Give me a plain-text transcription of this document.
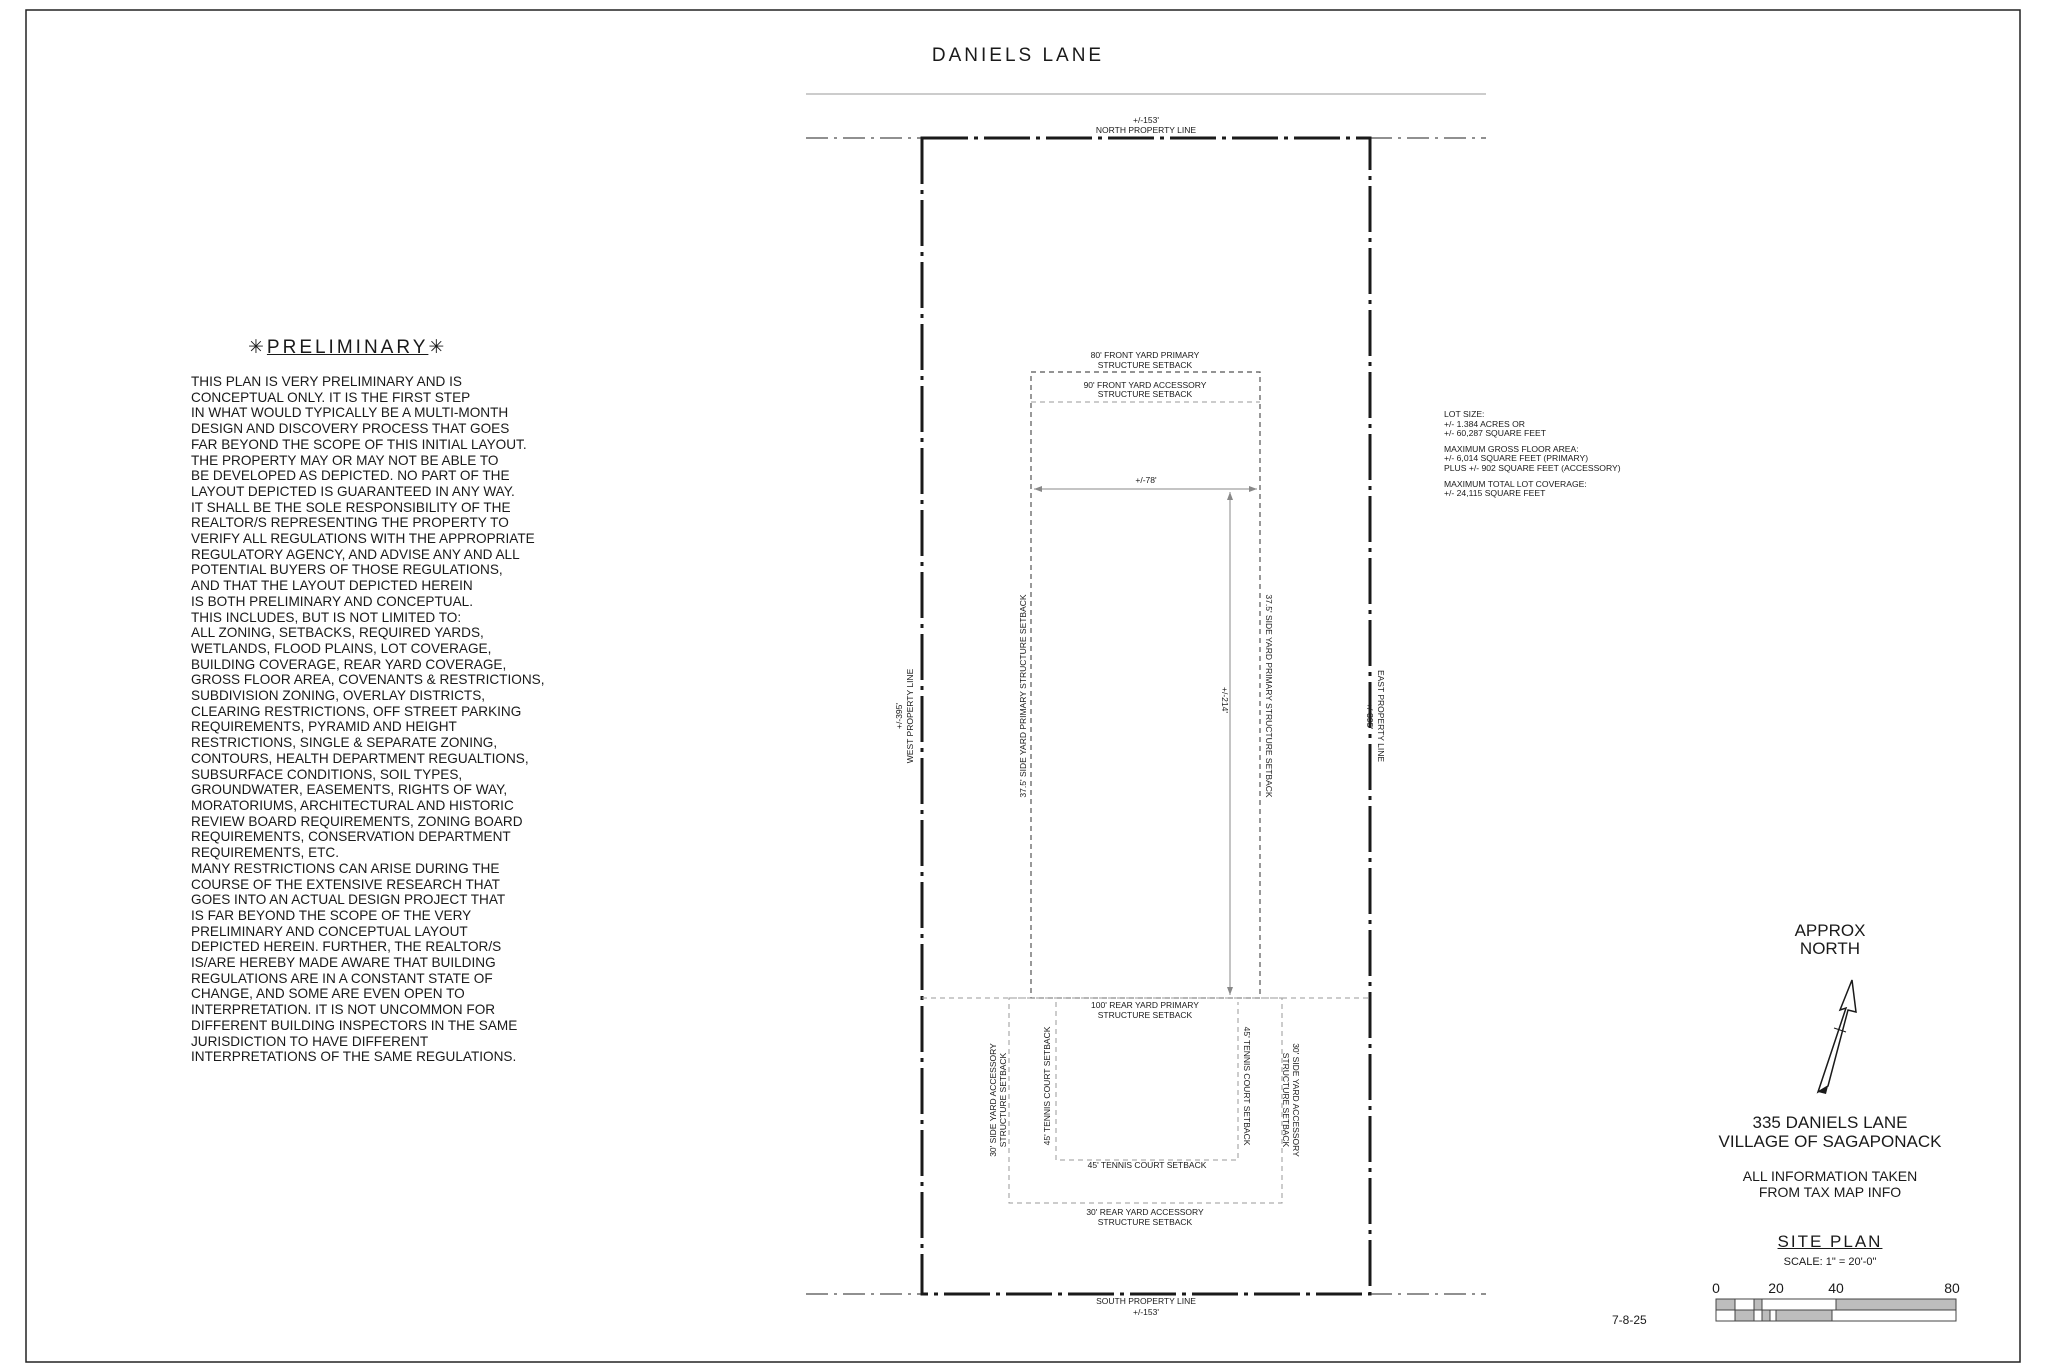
DANIELS LANE
+/-153'
NORTH PROPERTY LINE
SOUTH PROPERTY LINE
+/-153'
+/-395' WEST PROPERTY LINE	EAST PROPERTY LINE
+/-395'
80' FRONT YARD PRIMARY
STRUCTURE SETBACK
90' FRONT YARD ACCESSORY
STRUCTURE SETBACK
+/-78'
+/-214'
37.5' SIDE YARD PRIMARY STRUCTURE SETBACK	37.5' SIDE YARD PRIMARY STRUCTURE SETBACK
100' REAR YARD PRIMARY
STRUCTURE SETBACK
30' SIDE YARD ACCESSORY STRUCTURE SETBACK	30' SIDE YARD ACCESSORY
STRUCTURE SETBACK
45' TENNIS COURT SETBACK	45' TENNIS COURT SETBACK
45' TENNIS COURT SETBACK
30' REAR YARD ACCESSORY
STRUCTURE SETBACK
0	20	40	80
✳PRELIMINARY✳
THIS PLAN IS VERY PRELIMINARY AND IS
CONCEPTUAL ONLY. IT IS THE FIRST STEP
IN WHAT WOULD TYPICALLY BE A MULTI-MONTH
DESIGN AND DISCOVERY PROCESS THAT GOES
FAR BEYOND THE SCOPE OF THIS INITIAL LAYOUT.
THE PROPERTY MAY OR MAY NOT BE ABLE TO
BE DEVELOPED AS DEPICTED. NO PART OF THE
LAYOUT DEPICTED IS GUARANTEED IN ANY WAY.
IT SHALL BE THE SOLE RESPONSIBILITY OF THE
REALTOR/S REPRESENTING THE PROPERTY TO
VERIFY ALL REGULATIONS WITH THE APPROPRIATE
REGULATORY AGENCY, AND ADVISE ANY AND ALL
POTENTIAL BUYERS OF THOSE REGULATIONS,
AND THAT THE LAYOUT DEPICTED HEREIN
IS BOTH PRELIMINARY AND CONCEPTUAL.
THIS INCLUDES, BUT IS NOT LIMITED TO:
ALL ZONING, SETBACKS, REQUIRED YARDS,
WETLANDS, FLOOD PLAINS, LOT COVERAGE,
BUILDING COVERAGE, REAR YARD COVERAGE,
GROSS FLOOR AREA, COVENANTS & RESTRICTIONS,
SUBDIVISION ZONING, OVERLAY DISTRICTS,
CLEARING RESTRICTIONS, OFF STREET PARKING
REQUIREMENTS, PYRAMID AND HEIGHT
RESTRICTIONS, SINGLE & SEPARATE ZONING,
CONTOURS, HEALTH DEPARTMENT REGUALTIONS,
SUBSURFACE CONDITIONS, SOIL TYPES,
GROUNDWATER, EASEMENTS, RIGHTS OF WAY,
MORATORIUMS, ARCHITECTURAL AND HISTORIC
REVIEW BOARD REQUIREMENTS, ZONING BOARD
REQUIREMENTS, CONSERVATION DEPARTMENT
REQUIREMENTS, ETC.
MANY RESTRICTIONS CAN ARISE DURING THE
COURSE OF THE EXTENSIVE RESEARCH THAT
GOES INTO AN ACTUAL DESIGN PROJECT THAT
IS FAR BEYOND THE SCOPE OF THE VERY
PRELIMINARY AND CONCEPTUAL LAYOUT
DEPICTED HEREIN. FURTHER, THE REALTOR/S
IS/ARE HEREBY MADE AWARE THAT BUILDING
REGULATIONS ARE IN A CONSTANT STATE OF
CHANGE, AND SOME ARE EVEN OPEN TO
INTERPRETATION. IT IS NOT UNCOMMON FOR
DIFFERENT BUILDING INSPECTORS IN THE SAME
JURISDICTION TO HAVE DIFFERENT
INTERPRETATIONS OF THE SAME REGULATIONS.
LOT SIZE:
+/- 1.384 ACRES OR
+/- 60,287 SQUARE FEET
MAXIMUM GROSS FLOOR AREA:
+/- 6,014 SQUARE FEET (PRIMARY)
PLUS +/- 902 SQUARE FEET (ACCESSORY)
MAXIMUM TOTAL LOT COVERAGE:
+/- 24,115 SQUARE FEET
APPROX
NORTH
335 DANIELS LANE
VILLAGE OF SAGAPONACK
ALL INFORMATION TAKEN
FROM TAX MAP INFO
SITE PLAN
SCALE: 1" = 20'-0"
7-8-25
